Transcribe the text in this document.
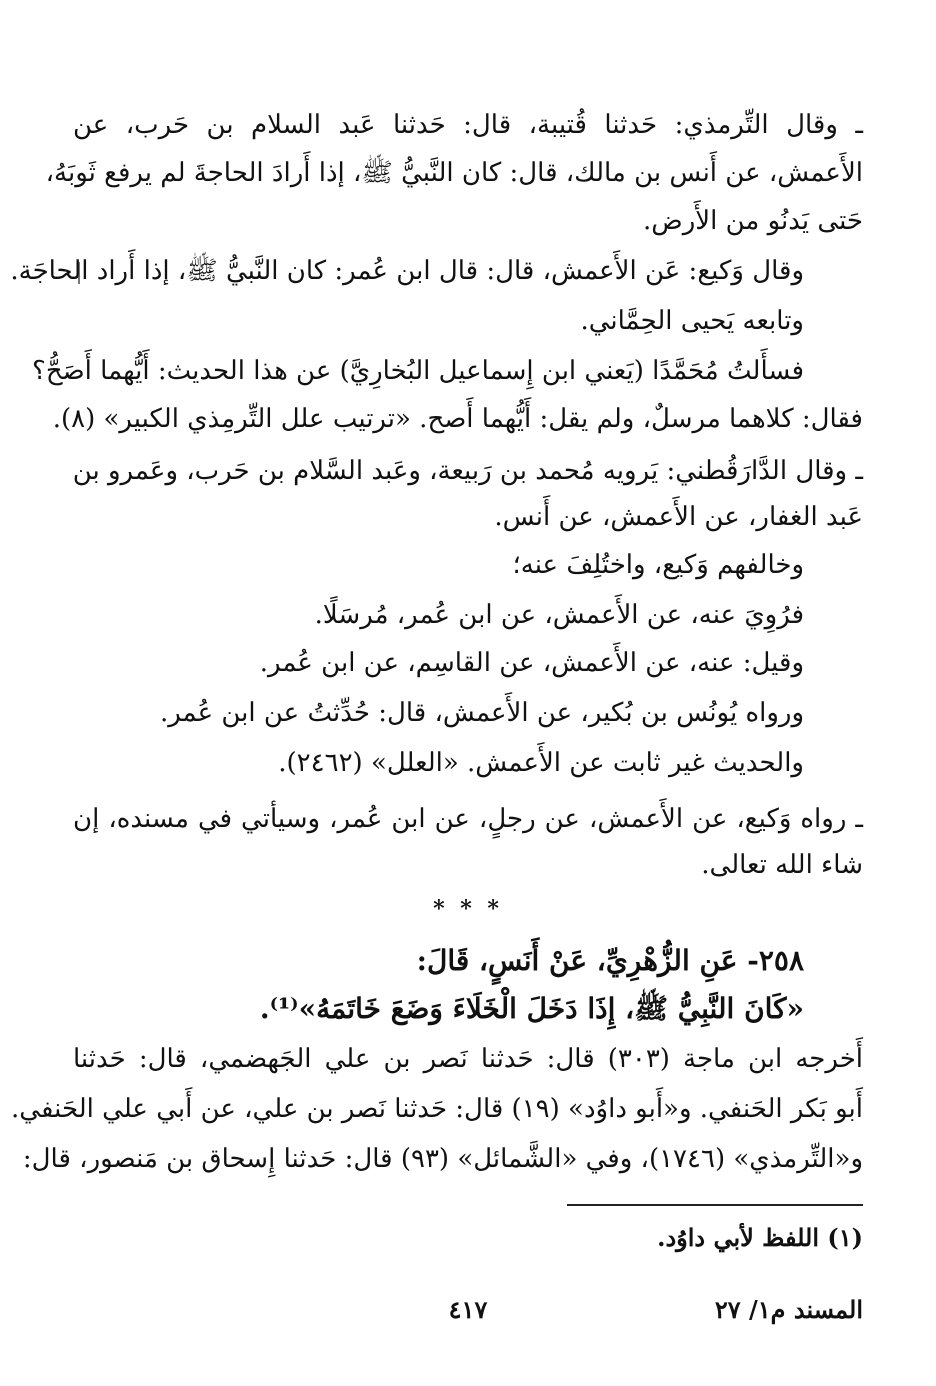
ـ وقال التِّرمذي: حَدثنا قُتيبة، قال: حَدثنا عَبد السلام بن حَرب، عن
الأَعمش، عن أَنس بن مالك، قال: كان النَّبيُّ ﷺ، إذا أَرادَ الحاجةَ لم يرفع ثَوبَهُ،
حَتى يَدنُو من الأَرض.
وقال وَكيع: عَن الأَعمش، قال: قال ابن عُمر: كان النَّبيُّ ﷺ، إذا أَراد الحاجَة.
وتابعه يَحيى الحِمَّاني.
فسأَلتُ مُحَمَّدًا (يَعني ابن إِسماعيل البُخارِيَّ) عن هذا الحديث: أَيُّهما أَصَحُّ؟
فقال: كلاهما مرسلٌ، ولم يقل: أَيُّهما أَصح. «ترتيب علل التِّرمِذي الكبير» (٨).
ـ وقال الدَّارَقُطني: يَرويه مُحمد بن رَبيعة، وعَبد السَّلام بن حَرب، وعَمرو بن
عَبد الغفار، عن الأَعمش، عن أَنس.
وخالفهم وَكيع، واختُلِفَ عنه؛
فرُوِيَ عنه، عن الأَعمش، عن ابن عُمر، مُرسَلًا.
وقيل: عنه، عن الأَعمش، عن القاسِم، عن ابن عُمر.
ورواه يُونُس بن بُكير، عن الأَعمش، قال: حُدِّثتُ عن ابن عُمر.
والحديث غير ثابت عن الأَعمش. «العلل» (٢٤٦٢).
ـ رواه وَكيع، عن الأَعمش، عن رجلٍ، عن ابن عُمر، وسيأتي في مسنده، إن
شاء الله تعالى.
* * *
٢٥٨- عَنِ الزُّهْرِيِّ، عَنْ أَنَسٍ، قَالَ:
«كَانَ النَّبِيُّ ﷺ، إِذَا دَخَلَ الْخَلَاءَ وَضَعَ خَاتَمَهُ»⁽¹⁾.
أَخرجه ابن ماجة (٣٠٣) قال: حَدثنا نَصر بن علي الجَهضمي، قال: حَدثنا
أَبو بَكر الحَنفي. و«أَبو داوُد» (١٩) قال: حَدثنا نَصر بن علي، عن أَبي علي الحَنفي.
و«التِّرمذي» (١٧٤٦)، وفي «الشَّمائل» (٩٣) قال: حَدثنا إِسحاق بن مَنصور، قال:
(١) اللفظ لأبي داوُد.
المسند م١/ ٢٧
٤١٧
